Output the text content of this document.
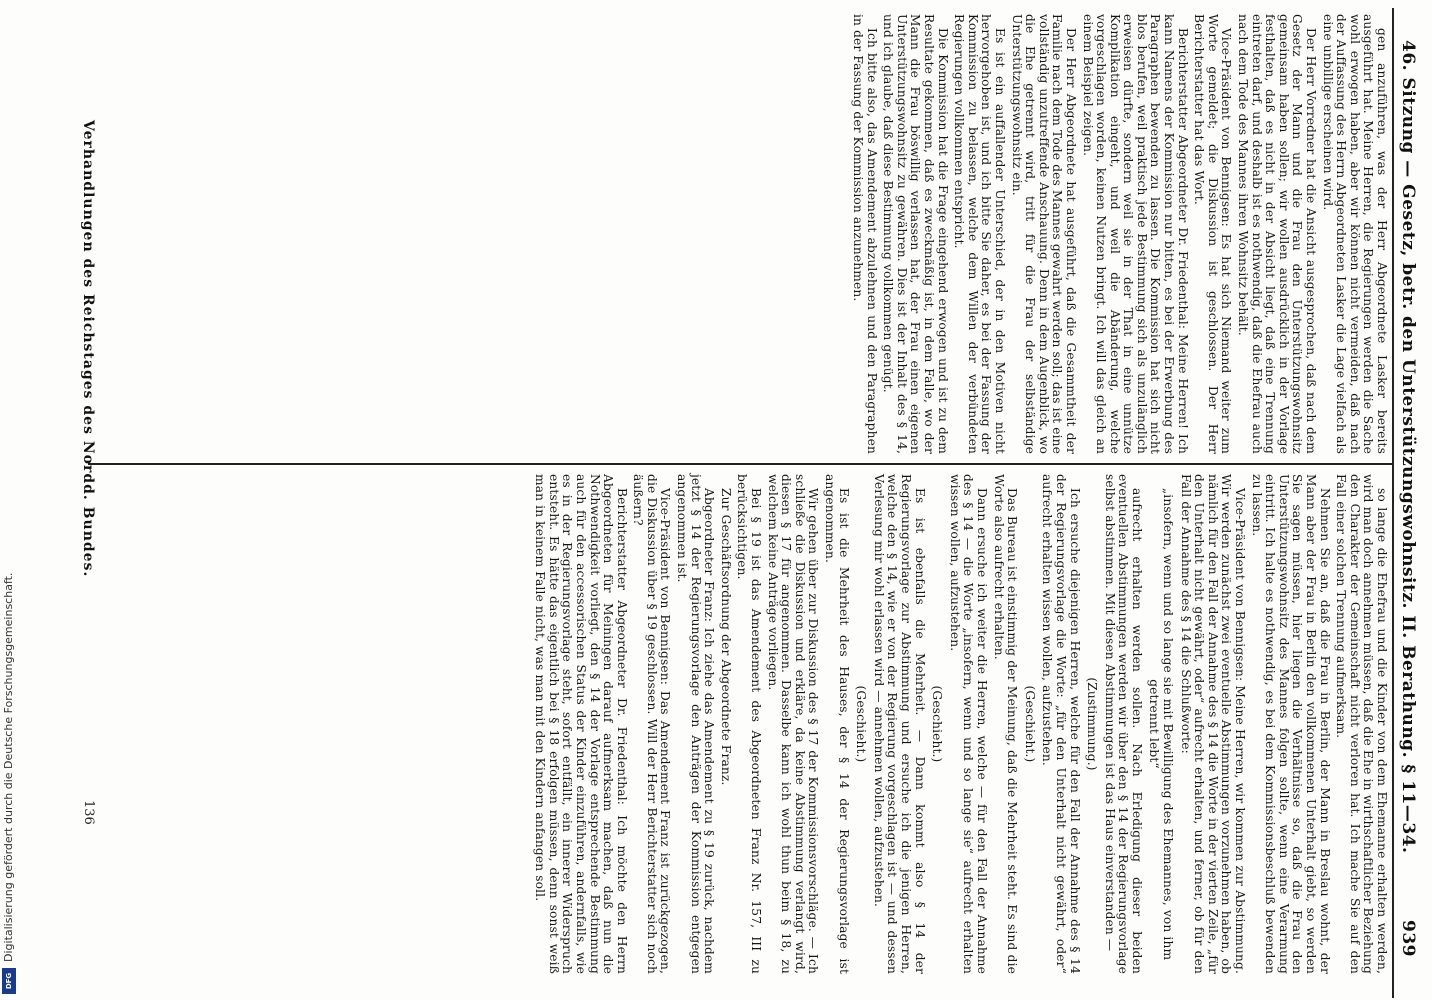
46. Sitzung — Gesetz, betr. den Unterstützungswohnsitz. II. Berathung. § 11—34.
939

gen anzuführen, was der Herr Abgeordnete Lasker bereits ausgeführt hat. Meine Herren, die Regierungen werden die Sache wohl erwogen haben, aber wir können nicht vermeiden, daß nach der Auffassung des Herrn Abgeordneten Lasker die Lage vielfach als eine unbillige erscheinen wird.

Der Herr Vorredner hat die Ansicht ausgesprochen, daß nach dem Gesetz der Mann und die Frau den Unterstützungswohnsitz gemeinsam haben sollen; wir wollen ausdrücklich in der Vorlage festhalten, daß es nicht in der Absicht liegt, daß eine Trennung eintreten darf, und deshalb ist es nothwendig, daß die Ehefrau auch nach dem Tode des Mannes ihren Wohnsitz behält.

Vice-Präsident von Bennigsen: Es hat sich Niemand weiter zum Worte gemeldet; die Diskussion ist geschlossen. Der Herr Berichterstatter hat das Wort.

Berichterstatter Abgeordneter Dr. Friedenthal: Meine Herren! Ich kann Namens der Kommission nur bitten, es bei der Erwerbung des Paragraphen bewenden zu lassen. Die Kommission hat sich nicht blos berufen, weil praktisch jede Bestimmung sich als unzulänglich erweisen dürfte, sondern weil sie in der That in eine unnütze Komplikation eingeht, und weil die Abänderung, welche vorgeschlagen worden, keinen Nutzen bringt. Ich will das gleich an einem Beispiel zeigen.

Der Herr Abgeordnete hat ausgeführt, daß die Gesammtheit der Familie nach dem Tode des Mannes gewahrt werden soll; das ist eine vollständig unzutreffende Anschauung. Denn in dem Augenblick, wo die Ehe getrennt wird, tritt für die Frau der selbständige Unterstützungswohnsitz ein.

Es ist ein auffallender Unterschied, der in den Motiven nicht hervorgehoben ist, und ich bitte Sie daher, es bei der Fassung der Kommission zu belassen, welche dem Willen der verbündeten Regierungen vollkommen entspricht.

Die Kommission hat die Frage eingehend erwogen und ist zu dem Resultate gekommen, daß es zweckmäßig ist, in dem Falle, wo der Mann die Frau böswillig verlassen hat, der Frau einen eigenen Unterstützungswohnsitz zu gewähren. Dies ist der Inhalt des § 14, und ich glaube, daß diese Bestimmung vollkommen genügt.

Ich bitte also, das Amendement abzulehnen und den Paragraphen in der Fassung der Kommission anzunehmen.

so lange die Ehefrau und die Kinder von dem Ehemanne erhalten werden, wird man doch annehmen müssen, daß die Ehe in wirthschaftlicher Beziehung den Charakter der Gemeinschaft nicht verloren hat. Ich mache Sie auf den Fall einer solchen Trennung aufmerksam.

Nehmen Sie an, daß die Frau in Berlin, der Mann in Breslau wohnt, der Mann aber der Frau in Berlin den vollkommenen Unterhalt giebt, so werden Sie sagen müssen, hier liegen die Verhältnisse so, daß die Frau den Unterstützungswohnsitz des Mannes folgen sollte, wenn eine Verarmung eintritt. Ich halte es nothwendig, es bei dem Kommissionsbeschluß bewenden zu lassen.

Vice-Präsident von Bennigsen: Meine Herren, wir kommen zur Abstimmung. Wir werden zunächst zwei eventuelle Abstimmungen vorzunehmen haben, ob nämlich für den Fall der Annahme des § 14 die Worte in der vierten Zeile, „für den Unterhalt nicht gewährt, oder“ aufrecht erhalten, und ferner, ob für den Fall der Annahme des § 14 die Schlußworte:

„insofern, wenn und so lange sie mit Bewilligung des Ehemannes, von ihm getrennt lebt“

aufrecht erhalten werden sollen. Nach Erledigung dieser beiden eventuellen Abstimmungen werden wir über den § 14 der Regierungsvorlage selbst abstimmen. Mit diesen Abstimmungen ist das Haus einverstanden —

(Zustimmung.)

Ich ersuche diejenigen Herren, welche für den Fall der Annahme des § 14 der Regierungsvorlage die Worte: „für den Unterhalt nicht gewährt, oder“ aufrecht erhalten wissen wollen, aufzustehen.

(Geschieht.)

Das Bureau ist einstimmig der Meinung, daß die Mehrheit steht. Es sind die Worte also aufrecht erhalten.

Dann ersuche ich weiter die Herren, welche — für den Fall der Annahme des § 14 — die Worte „insofern, wenn und so lange sie“ aufrecht erhalten wissen wollen, aufzustehen.

(Geschieht.)

Es ist ebenfalls die Mehrheit. — Dann kommt also § 14 der Regierungsvorlage zur Abstimmung und ersuche ich die jenigen Herren, welche den § 14, wie er von der Regierung vorgeschlagen ist — und dessen Verlesung mir wohl erlassen wird — annehmen wollen, aufzustehen.

(Geschieht.)

Es ist die Mehrheit des Hauses, der § 14 der Regierungsvorlage ist angenommen.

Wir gehen über zur Diskussion des § 17 der Kommissionsvorschläge. — Ich schließe die Diskussion und erkläre, da keine Abstimmung verlangt wird, diesen § 17 für angenommen. Dasselbe kann ich wohl thun beim § 18, zu welchem keine Anträge vorliegen.

Bei § 19 ist das Amendement des Abgeordneten Franz Nr. 157, III zu berücksichtigen.

Zur Geschäftsordnung der Abgeordnete Franz.

Abgeordneter Franz: Ich ziehe das Amendement zu § 19 zurück, nachdem jetzt § 14 der Regierungsvorlage den Anträgen der Kommission entgegen angenommen ist.

Vice-Präsident von Bennigsen: Das Amendement Franz ist zurückgezogen, die Diskussion über § 19 geschlossen. Will der Herr Berichterstatter sich noch äußern?

Berichterstatter Abgeordneter Dr. Friedenthal: Ich möchte den Herrn Abgeordneten für Meiningen darauf aufmerksam machen, daß nun die Nothwendigkeit vorliegt, den § 14 der Vorlage entsprechende Bestimmung auch für den accessorischen Status der Kinder einzuführen, andernfalls, wie es in der Regierungsvorlage steht, sofort entfällt, ein innerer Widerspruch entsteht. Es hätte das eigentlich bei § 18 erfolgen müssen, denn sonst weiß man in keinem Falle nicht, was man mit den Kindern anfangen soll.

Verhandlungen des Reichstages des Nordd. Bundes.
136
Digitalisierung gefördert durch die Deutsche Forschungsgemeinschaft.
DFG
